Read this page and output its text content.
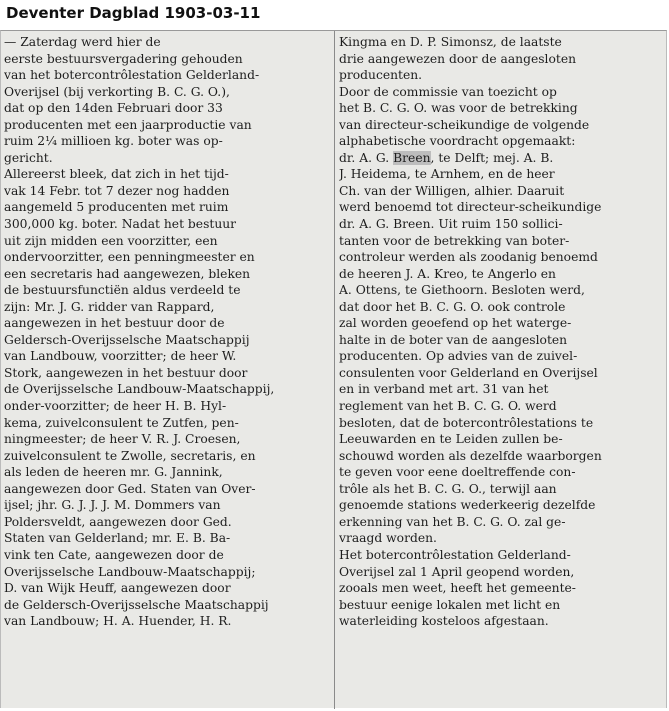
Deventer Dagblad 1903-03-11
— Zaterdag werd hier de
eerste bestuursvergadering gehouden
van het botercontrôlestation Gelderland-
Overijsel (bij verkorting B. C. G. O.),
dat op den 14den Februari door 33
producenten met een jaarproductie van
ruim 2¼ millioen kg. boter was op-
gericht.
Allereerst bleek, dat zich in het tijd-
vak 14 Febr. tot 7 dezer nog hadden
aangemeld 5 producenten met ruim
300,000 kg. boter. Nadat het bestuur
uit zijn midden een voorzitter, een
ondervoorzitter, een penningmeester en
een secretaris had aangewezen, bleken
de bestuursfunctiën aldus verdeeld te
zijn: Mr. J. G. ridder van Rappard,
aangewezen in het bestuur door de
Geldersch-Overijsselsche Maatschappij
van Landbouw, voorzitter; de heer W.
Stork, aangewezen in het bestuur door
de Overijsselsche Landbouw-Maatschappij,
onder-voorzitter; de heer H. B. Hyl-
kema, zuivelconsulent te Zutfen, pen-
ningmeester; de heer V. R. J. Croesen,
zuivelconsulent te Zwolle, secretaris, en
als leden de heeren mr. G. Jannink,
aangewezen door Ged. Staten van Over-
ijsel; jhr. G. J. J. J. M. Dommers van
Poldersveldt, aangewezen door Ged.
Staten van Gelderland; mr. E. B. Ba-
vink ten Cate, aangewezen door de
Overijsselsche Landbouw-Maatschappij;
D. van Wijk Heuff, aangewezen door
de Geldersch-Overijsselsche Maatschappij
van Landbouw; H. A. Huender, H. R.
Kingma en D. P. Simonsz, de laatste
drie aangewezen door de aangesloten
producenten.
Door de commissie van toezicht op
het B. C. G. O. was voor de betrekking
van directeur-scheikundige de volgende
alphabetische voordracht opgemaakt:
dr. A. G. Breen, te Delft; mej. A. B.
J. Heidema, te Arnhem, en de heer
Ch. van der Willigen, alhier. Daaruit
werd benoemd tot directeur-scheikundige
dr. A. G. Breen. Uit ruim 150 sollici-
tanten voor de betrekking van boter-
controleur werden als zoodanig benoemd
de heeren J. A. Kreo, te Angerlo en
A. Ottens, te Giethoorn. Besloten werd,
dat door het B. C. G. O. ook controle
zal worden geoefend op het waterge-
halte in de boter van de aangesloten
producenten. Op advies van de zuivel-
consulenten voor Gelderland en Overijsel
en in verband met art. 31 van het
reglement van het B. C. G. O. werd
besloten, dat de botercontrôlestations te
Leeuwarden en te Leiden zullen be-
schouwd worden als dezelfde waarborgen
te geven voor eene doeltreffende con-
trôle als het B. C. G. O., terwijl aan
genoemde stations wederkeerig dezelfde
erkenning van het B. C. G. O. zal ge-
vraagd worden.
Het botercontrôlestation Gelderland-
Overijsel zal 1 April geopend worden,
zooals men weet, heeft het gemeente-
bestuur eenige lokalen met licht en
waterleiding kosteloos afgestaan.
